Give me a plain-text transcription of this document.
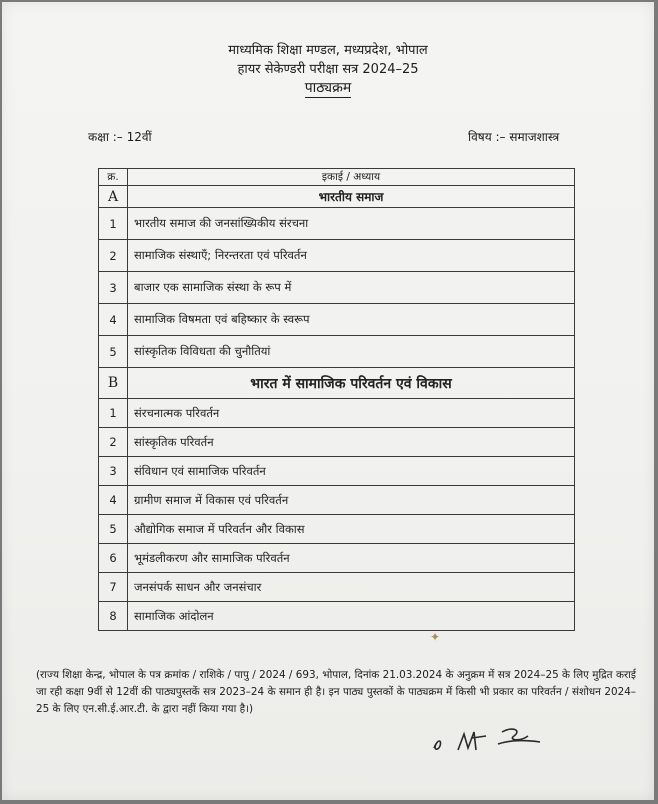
माध्यमिक शिक्षा मण्डल, मध्यप्रदेश, भोपाल
हायर सेकेण्डरी परीक्षा सत्र 2024–25
पाठ्यक्रम
कक्षा :– 12वीं	विषय :– समाजशास्त्र
क्र.	इकाई / अध्याय
A	भारतीय समाज
1	भारतीय समाज की जनसांख्यिकीय संरचना
2	सामाजिक संस्थाएँ; निरन्तरता एवं परिवर्तन
3	बाजार एक सामाजिक संस्था के रूप में
4	सामाजिक विषमता एवं बहिष्कार के स्वरूप
5	सांस्कृतिक विविधता की चुनौतियां
B	भारत में सामाजिक परिवर्तन एवं विकास
1	संरचनात्मक परिवर्तन
2	सांस्कृतिक परिवर्तन
3	संविधान एवं सामाजिक परिवर्तन
4	ग्रामीण समाज में विकास एवं परिवर्तन
5	औद्योगिक समाज में परिवर्तन और विकास
6	भूमंडलीकरण और सामाजिक परिवर्तन
7	जनसंपर्क साधन और जनसंचार
8	सामाजिक आंदोलन
✦
(राज्य शिक्षा केन्द्र, भोपाल के पत्र क्रमांक / राशिके / पापु / 2024 / 693, भोपाल, दिनांक 21.03.2024 के अनुक्रम में सत्र 2024–25 के लिए मुद्रित कराई जा रही कक्षा 9वीं से 12वीं की पाठ्यपुस्तकें सत्र 2023–24 के समान ही है। इन पाठ्य पुस्तकों के पाठ्यक्रम में किसी भी प्रकार का परिवर्तन / संशोधन 2024–25 के लिए एन.सी.ई.आर.टी. के द्वारा नहीं किया गया है।)
